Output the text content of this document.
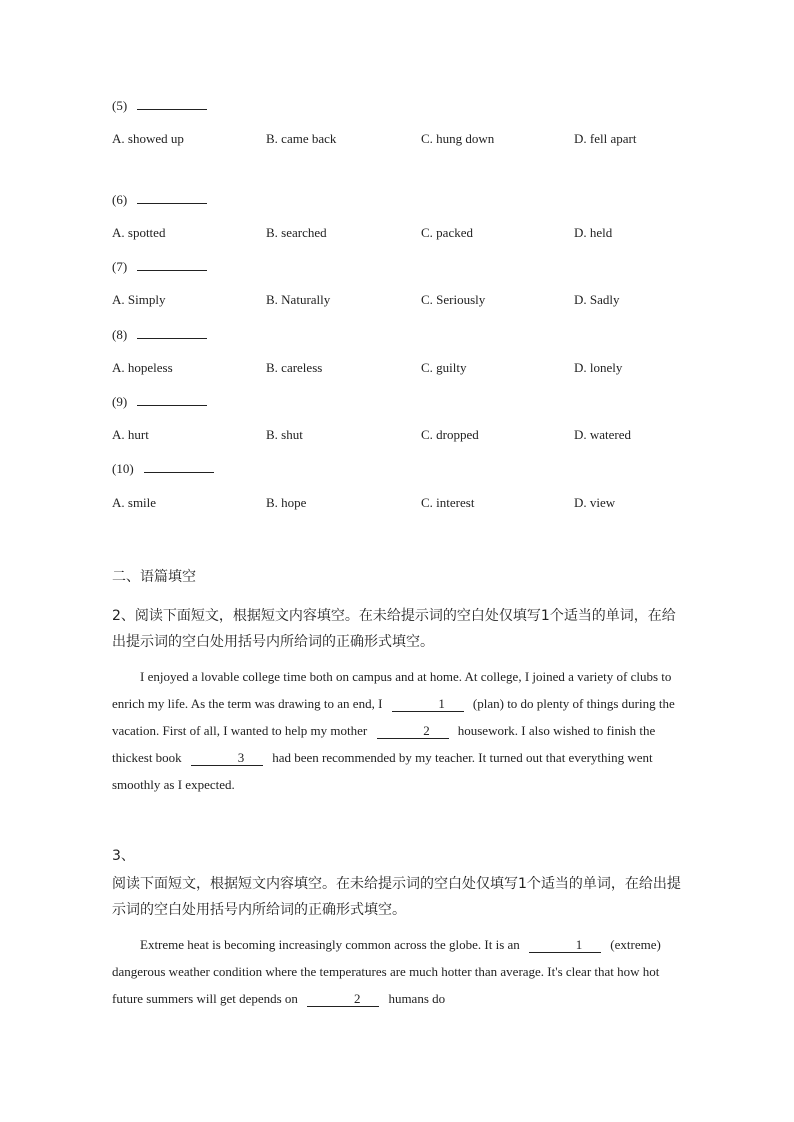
(5)
A. showed up	B. came back	C. hung down	D. fell apart
(6)
A. spotted	B. searched	C. packed	D. held
(7)
A. Simply	B. Naturally	C. Seriously	D. Sadly
(8)
A. hopeless	B. careless	C. guilty	D. lonely
(9)
A. hurt	B. shut	C. dropped	D. watered
(10)
A. smile	B. hope	C. interest	D. view
二、语篇填空
2、阅读下面短文，根据短文内容填空。在未给提示词的空白处仅填写1个适当的单词，在给出提示词的空白处用括号内所给词的正确形式填空。
I enjoyed a lovable college time both on campus and at home. At college, I joined a variety of clubs to enrich my life. As the term was drawing to an end, I	1 (plan) to do plenty of things during the vacation. First of all, I wanted to help my mother	2 housework. I also wished to finish the thickest book	3 had been recommended by my teacher. It turned out that everything went smoothly as I expected.
3、
阅读下面短文，根据短文内容填空。在未给提示词的空白处仅填写1个适当的单词，在给出提示词的空白处用括号内所给词的正确形式填空。
Extreme heat is becoming increasingly common across the globe. It is an	1 (extreme) dangerous weather condition where the temperatures are much hotter than average. It's clear that how hot future summers will get depends on	2 humans do
